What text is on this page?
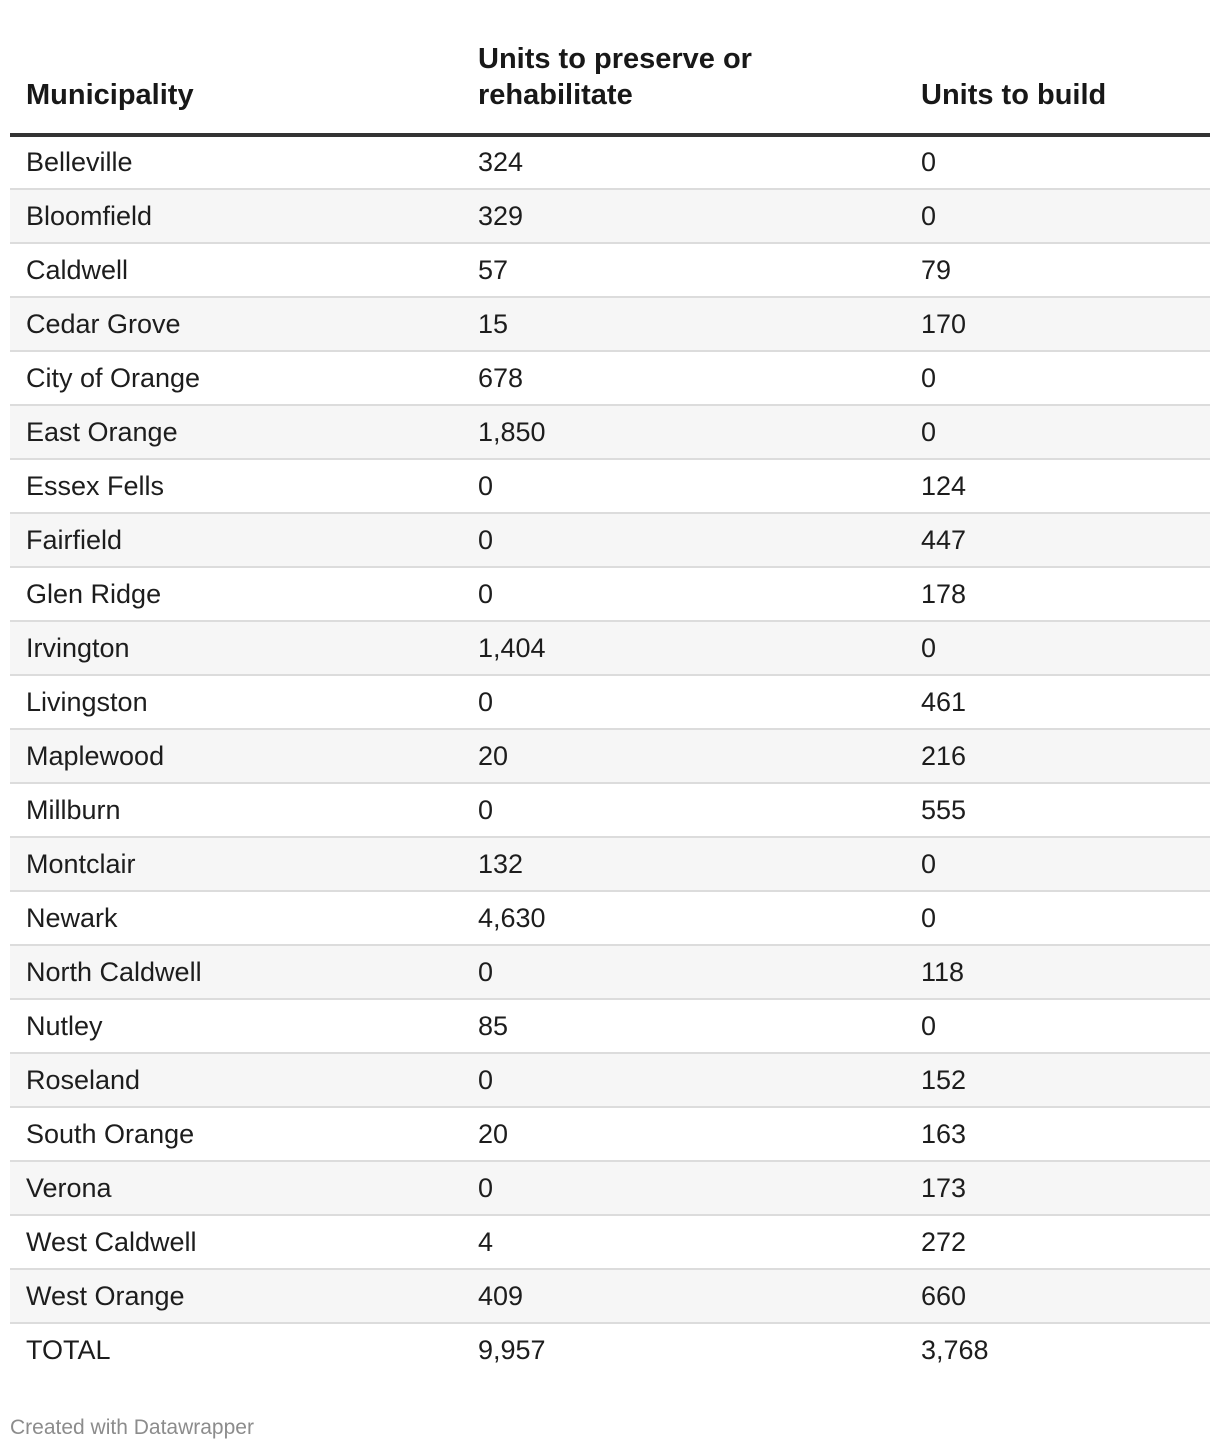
Municipality	Units to preserve or rehabilitate	Units to build

Belleville	324	0
Bloomfield	329	0
Caldwell	57	79
Cedar Grove	15	170
City of Orange	678	0
East Orange	1,850	0
Essex Fells	0	124
Fairfield	0	447
Glen Ridge	0	178
Irvington	1,404	0
Livingston	0	461
Maplewood	20	216
Millburn	0	555
Montclair	132	0
Newark	4,630	0
North Caldwell	0	118
Nutley	85	0
Roseland	0	152
South Orange	20	163
Verona	0	173
West Caldwell	4	272
West Orange	409	660
TOTAL	9,957	3,768
Created with Datawrapper
